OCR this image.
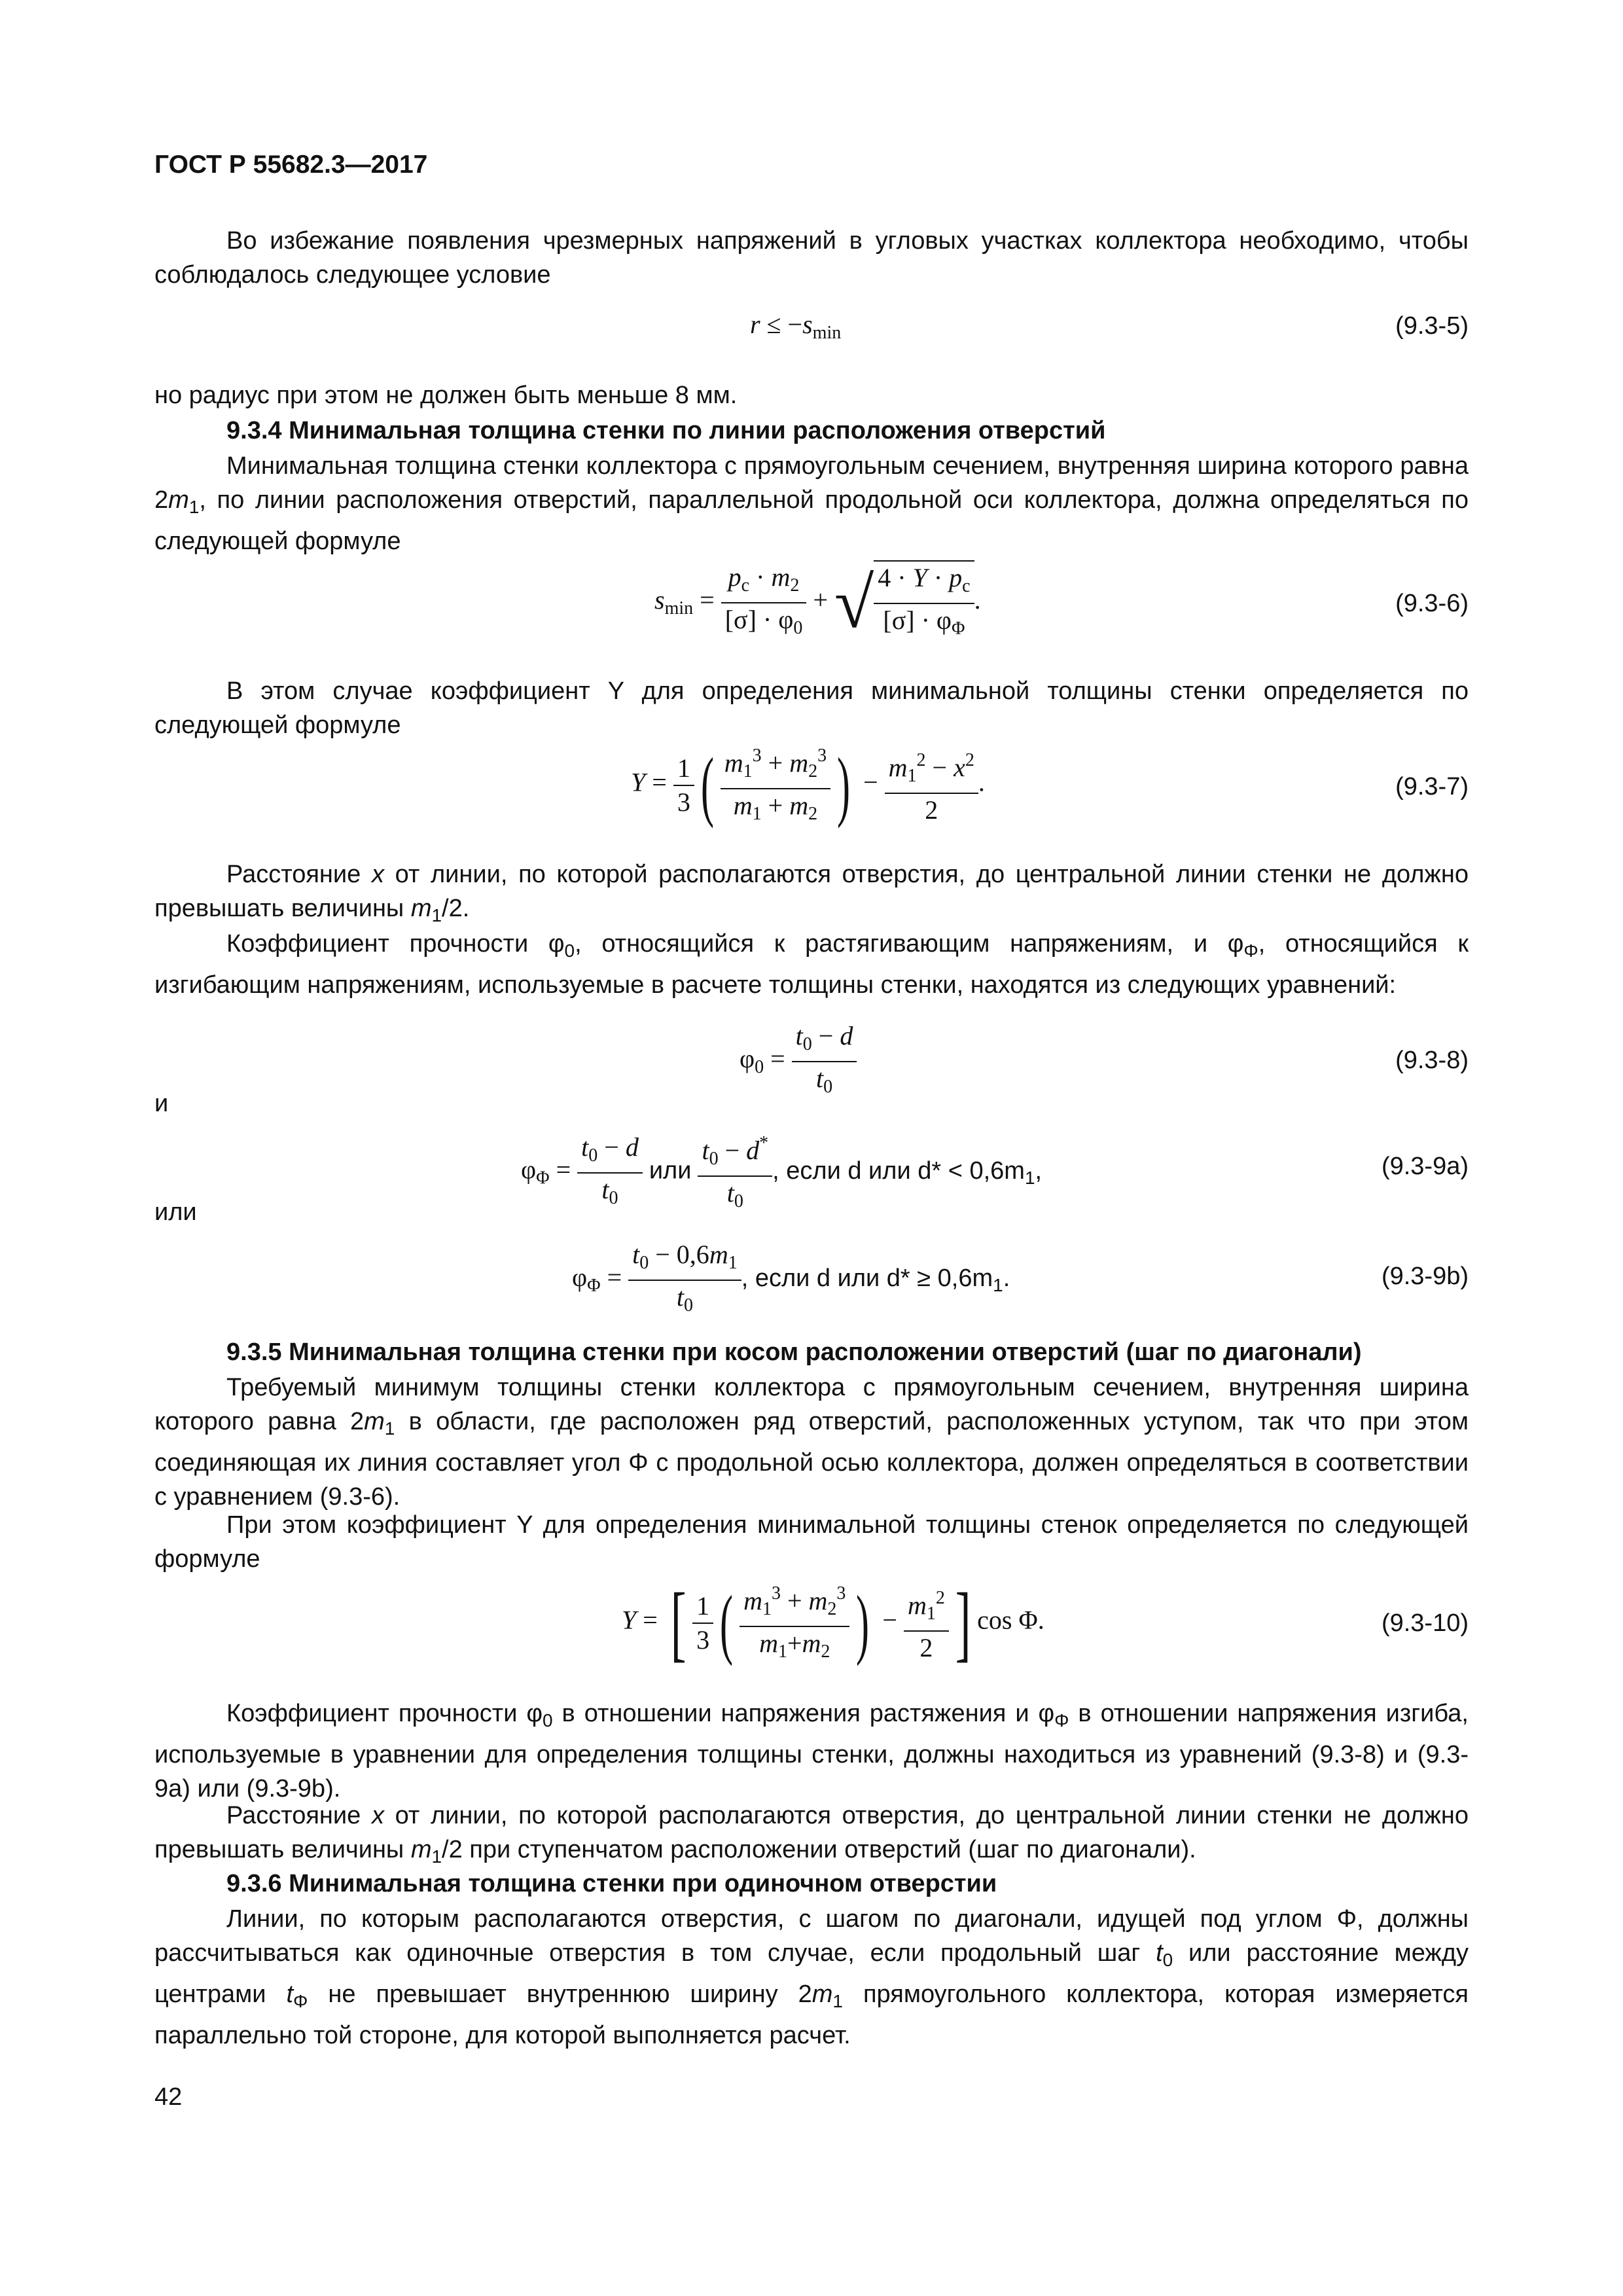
ГОСТ Р 55682.3—2017
Во избежание появления чрезмерных напряжений в угловых участках коллектора необходимо, чтобы соблюдалось следующее условие
$r \le -s_{min}$	(9.3-5)
но радиус при этом не должен быть меньше 8 мм.
9.3.4 Минимальная толщина стенки по линии расположения отверстий
Минимальная толщина стенки коллектора с прямоугольным сечением, внутренняя ширина которого равна $2m_1$, по линии расположения отверстий, параллельной продольной оси коллектора, должна определяться по следующей формуле
$s_{min} = \frac{p_c \cdot m_2}{[\sigma] \cdot \varphi_0}$ + √ $\frac{4 \cdot Y \cdot p_c}{[\sigma] \cdot \varphi_\Phi}$ .	(9.3-6)
В этом случае коэффициент Y для определения минимальной толщины стенки определяется по следующей формуле
$Y = \frac{1}{3}$ ( $\frac{m_1^3 + m_2^3}{m_1 + m_2}$ ) − $\frac{m_1^2 - x^2}{2}$ .	(9.3-7)
Расстояние x от линии, по которой располагаются отверстия, до центральной линии стенки не должно превышать величины $m_1/2$.
Коэффициент прочности $\varphi_0$, относящийся к растягивающим напряжениям, и $\varphi_\Phi$, относящийся к изгибающим напряжениям, используемые в расчете толщины стенки, находятся из следующих уравнений:
$\varphi_0 = \frac{t_0 - d}{t_0}$	(9.3-8)
и
$\varphi_\Phi = \frac{t_0 - d}{t_0}$ или $\frac{t_0 - d^*}{t_0}$ , если d или $d* < 0,6m_1$,	(9.3-9a)
или
$\varphi_\Phi = \frac{t_0 - 0,6m_1}{t_0}$ , если d или $d* \ge 0,6m_1$.	(9.3-9b)
9.3.5 Минимальная толщина стенки при косом расположении отверстий (шаг по диагонали)
Требуемый минимум толщины стенки коллектора с прямоугольным сечением, внутренняя ширина которого равна $2m_1$ в области, где расположен ряд отверстий, расположенных уступом, так что при этом соединяющая их линия составляет угол Φ с продольной осью коллектора, должен определяться в соответствии с уравнением (9.3-6).
При этом коэффициент Y для определения минимальной толщины стенок определяется по следующей формуле
Y = [ $\frac{1}{3}$ ( $\frac{m_1^3 + m_2^3}{m_1+m_2}$ ) − $\frac{m_1^2}{2}$ ] cos Φ.	(9.3-10)
Коэффициент прочности $\varphi_0$ в отношении напряжения растяжения и $\varphi_\Phi$ в отношении напряжения изгиба, используемые в уравнении для определения толщины стенки, должны находиться из уравнений (9.3-8) и (9.3-9а) или (9.3-9b).
Расстояние x от линии, по которой располагаются отверстия, до центральной линии стенки не должно превышать величины $m_1/2$ при ступенчатом расположении отверстий (шаг по диагонали).
9.3.6 Минимальная толщина стенки при одиночном отверстии
Линии, по которым располагаются отверстия, с шагом по диагонали, идущей под углом Φ, должны рассчитываться как одиночные отверстия в том случае, если продольный шаг $t_0$ или расстояние между центрами $t_\Phi$ не превышает внутреннюю ширину $2m_1$ прямоугольного коллектора, которая измеряется параллельно той стороне, для которой выполняется расчет.
42
